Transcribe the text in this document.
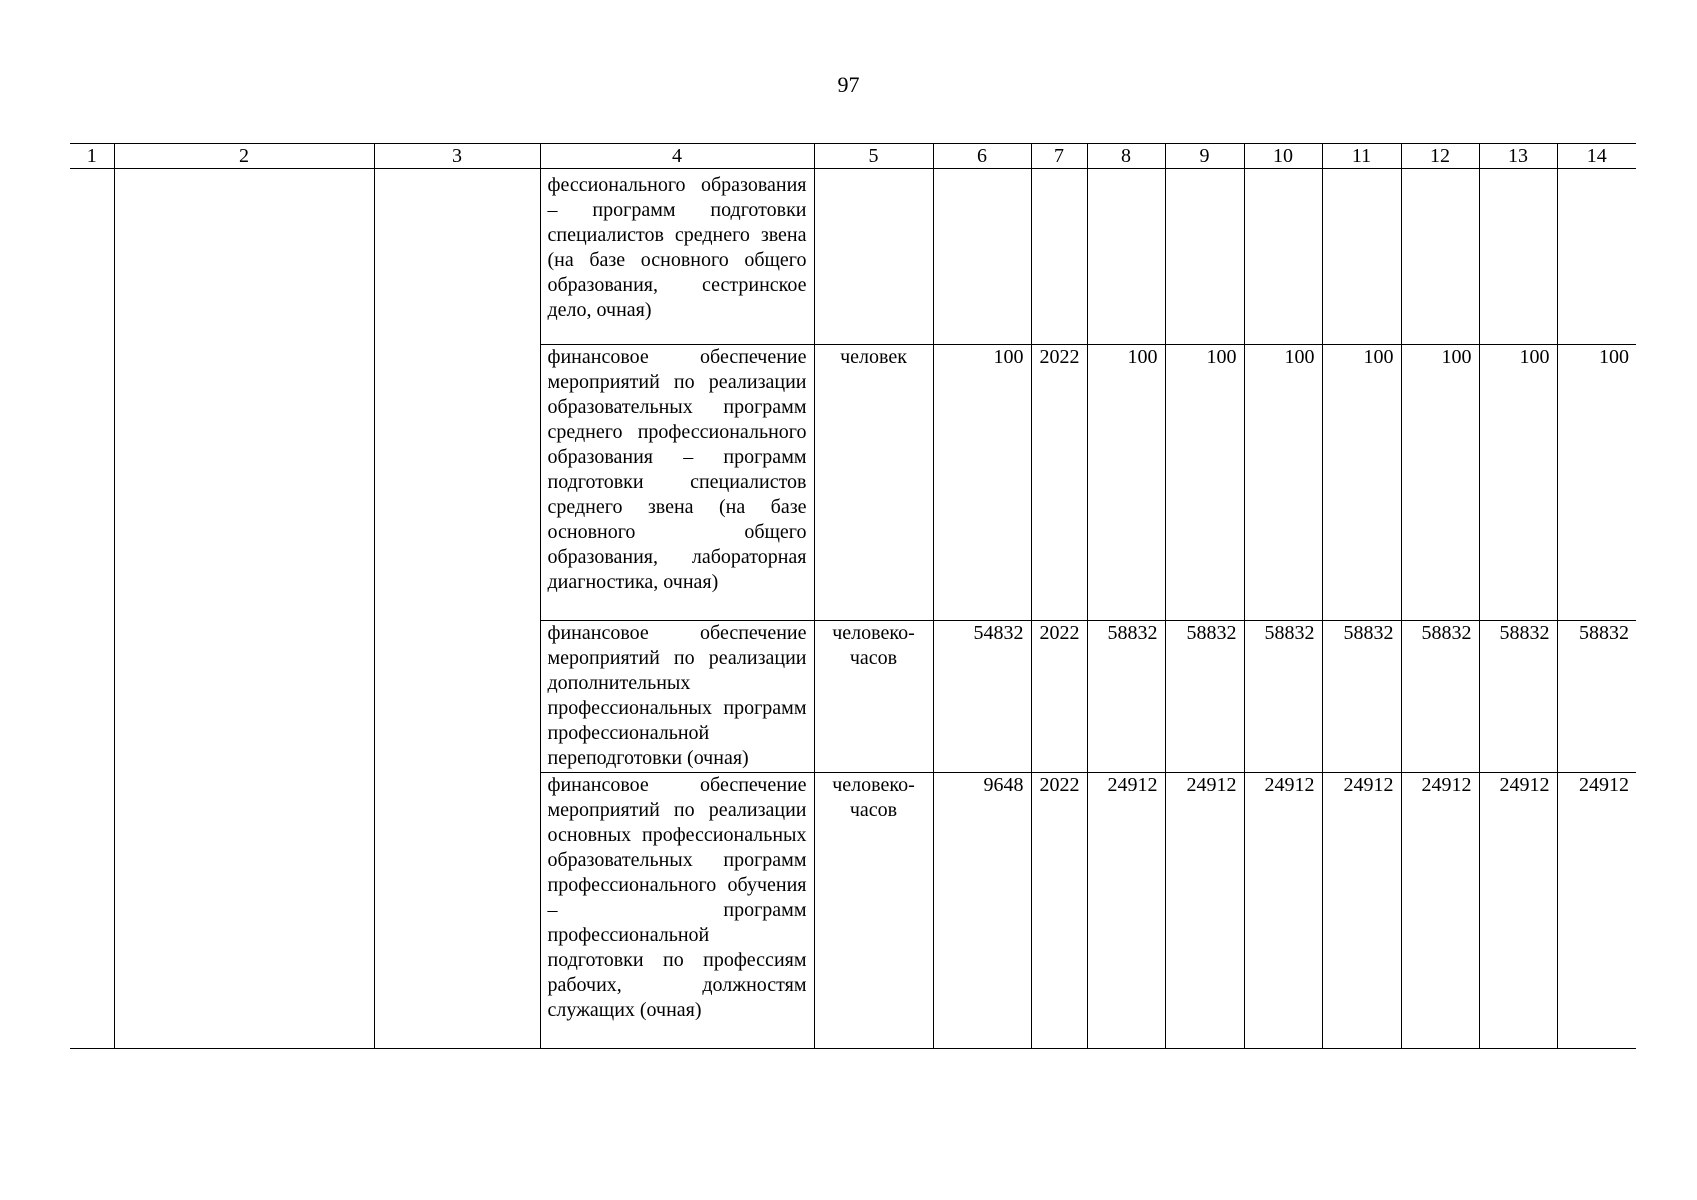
97
1	2	3	4	5	6	7	8	9	10	11	12	13	14
			фессионального образования – программ подготовки специалистов среднего звена (на базе основного общего образования, сестринское дело, очная)										
			финансовое обеспечение мероприятий по реализации образовательных программ среднего профессионального образования – программ подготовки специалистов среднего звена (на базе основного общего образования, лабораторная диагностика, очная)	человек	100	2022	100	100	100	100	100	100	100
			финансовое обеспечение мероприятий по реализации дополнительных профессиональных программ профессиональной переподготовки (очная)	человеко-часов	54832	2022	58832	58832	58832	58832	58832	58832	58832
			финансовое обеспечение мероприятий по реализации основных профессиональных образовательных программ профессионального обучения – программ профессиональной подготовки по профессиям рабочих, должностям служащих (очная)	человеко-часов	9648	2022	24912	24912	24912	24912	24912	24912	24912
